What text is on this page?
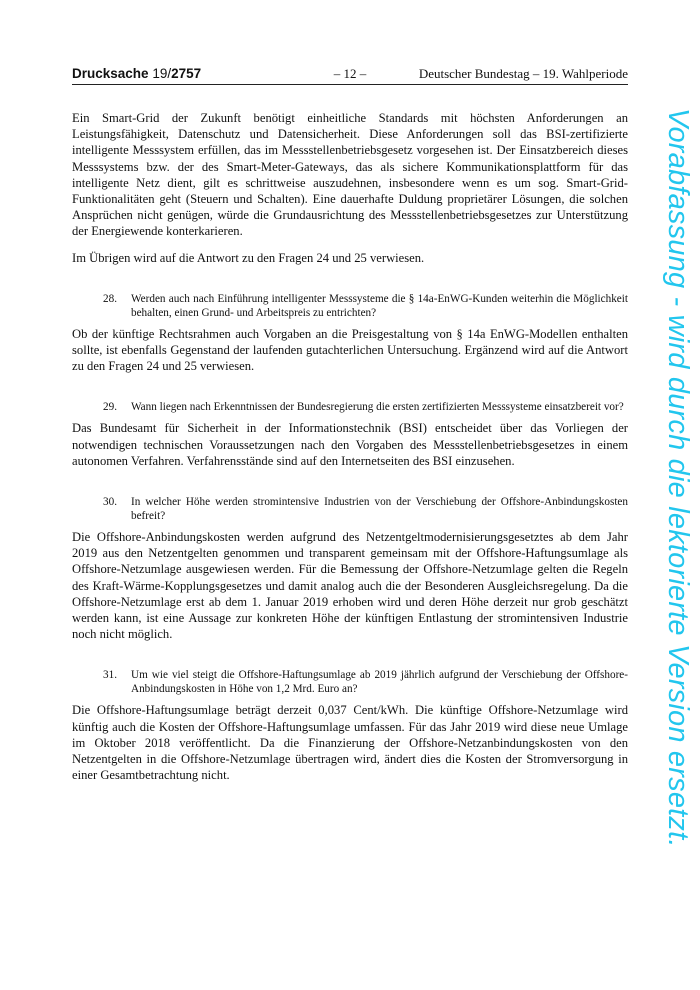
Drucksache 19/2757	– 12 –	Deutscher Bundestag – 19. Wahlperiode

Ein Smart-Grid der Zukunft benötigt einheitliche Standards mit höchsten Anforderungen an Leistungsfähigkeit, Datenschutz und Datensicherheit. Diese Anforderungen soll das BSI-zertifizierte intelligente Messsystem erfüllen, das im Messstellenbetriebsgesetz vorgesehen ist. Der Einsatzbereich dieses Messsystems bzw. der des Smart-Meter-Gateways, das als sichere Kommunikationsplattform für das intelligente Netz dient, gilt es schrittweise auszudehnen, insbesondere wenn es um sog. Smart-Grid-Funktionalitäten geht (Steuern und Schalten). Eine dauerhafte Duldung proprietärer Lösungen, die solchen Ansprüchen nicht genügen, würde die Grundausrichtung des Messstellenbetriebsgesetzes zur Unterstützung der Energiewende konterkarieren.

Im Übrigen wird auf die Antwort zu den Fragen 24 und 25 verwiesen.

28.	Werden auch nach Einführung intelligenter Messsysteme die § 14a-EnWG-Kunden weiterhin die Möglichkeit behalten, einen Grund- und Arbeitspreis zu entrichten?

Ob der künftige Rechtsrahmen auch Vorgaben an die Preisgestaltung von § 14a EnWG-Modellen enthalten sollte, ist ebenfalls Gegenstand der laufenden gutachterlichen Untersuchung. Ergänzend wird auf die Antwort zu den Fragen 24 und 25 verwiesen.

29.	Wann liegen nach Erkenntnissen der Bundesregierung die ersten zertifizierten Messsysteme einsatzbereit vor?

Das Bundesamt für Sicherheit in der Informationstechnik (BSI) entscheidet über das Vorliegen der notwendigen technischen Voraussetzungen nach den Vorgaben des Messstellenbetriebsgesetzes in einem autonomen Verfahren. Verfahrensstände sind auf den Internetseiten des BSI einzusehen.

30.	In welcher Höhe werden stromintensive Industrien von der Verschiebung der Offshore-Anbindungskosten befreit?

Die Offshore-Anbindungskosten werden aufgrund des Netzentgeltmodernisierungsgesetztes ab dem Jahr 2019 aus den Netzentgelten genommen und transparent gemeinsam mit der Offshore-Haftungsumlage als Offshore-Netzumlage ausgewiesen werden. Für die Bemessung der Offshore-Netzumlage gelten die Regeln des Kraft-Wärme-Kopplungsgesetzes und damit analog auch die der Besonderen Ausgleichsregelung. Da die Offshore-Netzumlage erst ab dem 1. Januar 2019 erhoben wird und deren Höhe derzeit nur grob geschätzt werden kann, ist eine Aussage zur konkreten Höhe der künftigen Entlastung der stromintensiven Industrie noch nicht möglich.

31.	Um wie viel steigt die Offshore-Haftungsumlage ab 2019 jährlich aufgrund der Verschiebung der Offshore-Anbindungskosten in Höhe von 1,2 Mrd. Euro an?

Die Offshore-Haftungsumlage beträgt derzeit 0,037 Cent/kWh. Die künftige Offshore-Netzumlage wird künftig auch die Kosten der Offshore-Haftungsumlage umfassen. Für das Jahr 2019 wird diese neue Umlage im Oktober 2018 veröffentlicht. Da die Finanzierung der Offshore-Netzanbindungskosten von den Netzentgelten in die Offshore-Netzumlage übertragen wird, ändert dies die Kosten der Stromversorgung in einer Gesamtbetrachtung nicht.	Vorabfassung - wird durch die lektorierte Version ersetzt.
